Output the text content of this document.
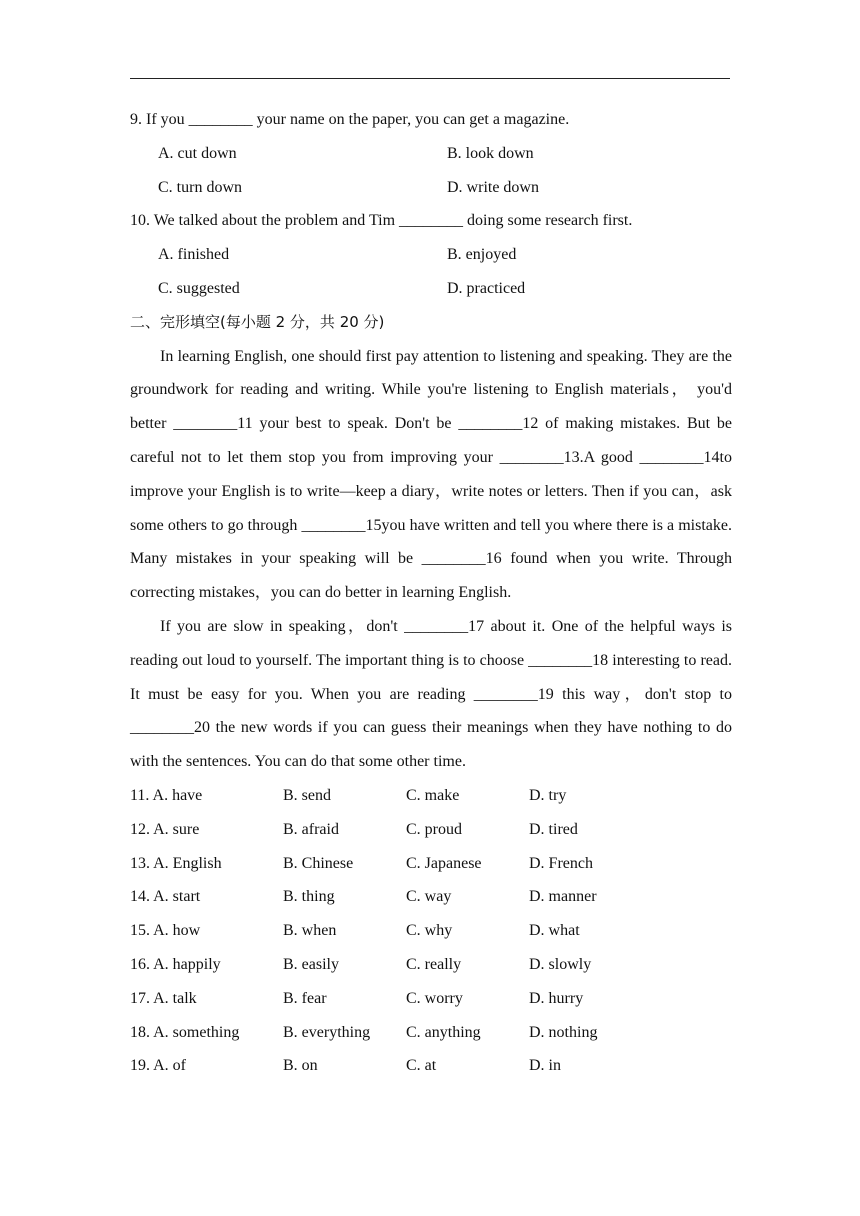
9. If you ________ your name on the paper, you can get a magazine.
A. cut down	B. look down
C. turn down	D. write down
10. We talked about the problem and Tim ________ doing some research first.
A. finished	B. enjoyed
C. suggested	D. practiced
二、完形填空(每小题 2 分，共 20 分)

In learning English, one should first pay attention to listening and speaking. They are the groundwork for reading and writing. While you're listening to English materials， you'd better ________11 your best to speak. Don't be ________12 of making mistakes. But be careful not to let them stop you from improving your ________13.A good ________14to improve your English is to write—keep a diary，write notes or letters. Then if you can，ask some others to go through ________15you have written and tell you where there is a mistake. Many mistakes in your speaking will be ________16 found when you write. Through correcting mistakes，you can do better in learning English.

If you are slow in speaking，don't ________17 about it. One of the helpful ways is reading out loud to yourself. The important thing is to choose ________18 interesting to read. It must be easy for you. When you are reading ________19 this way，don't stop to ________20 the new words if you can guess their meanings when they have nothing to do with the sentences. You can do that some other time.

11. A. have	B. send	C. make	D. try
12. A. sure	B. afraid	C. proud	D. tired
13. A. English	B. Chinese	C. Japanese	D. French
14. A. start	B. thing	C. way	D. manner
15. A. how	B. when	C. why	D. what
16. A. happily	B. easily	C. really	D. slowly
17. A. talk	B. fear	C. worry	D. hurry
18. A. something	B. everything	C. anything	D. nothing
19. A. of	B. on	C. at	D. in
